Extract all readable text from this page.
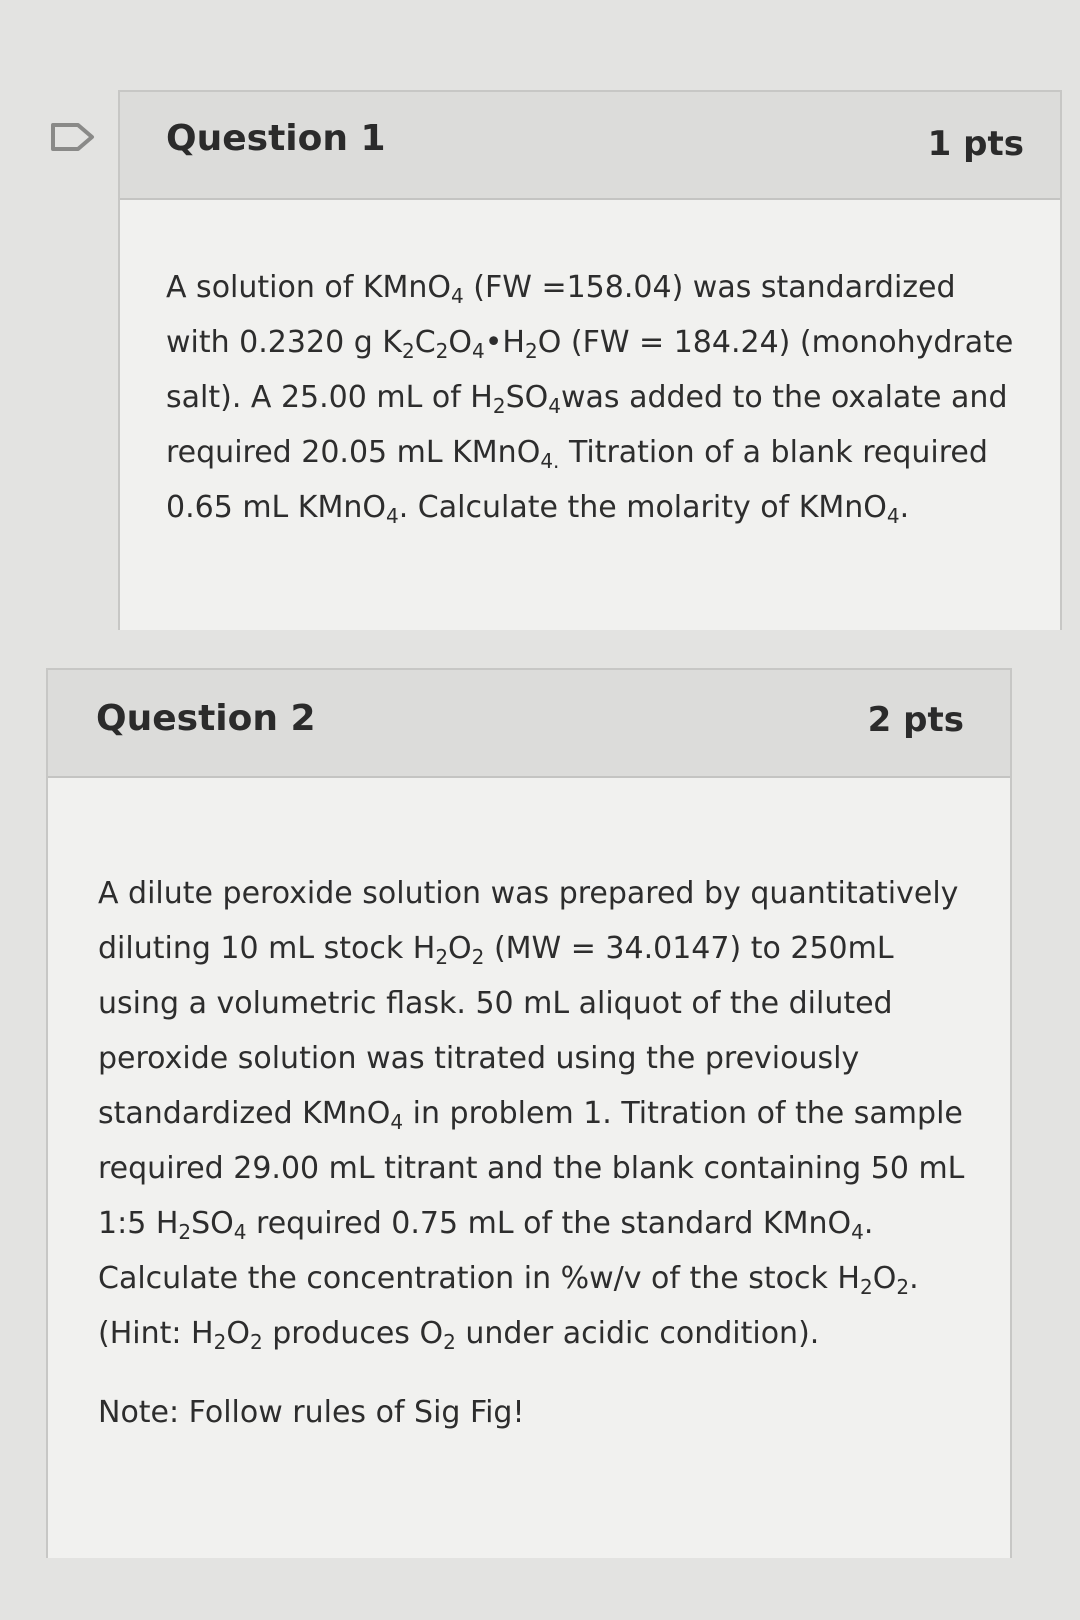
Question 1	1 pts

A solution of KMnO$_4$ (FW =158.04) was standardized with 0.2320 g $K_2C_2O_4•H_2O$ (FW = 184.24) (monohydrate salt). A 25.00 mL of $H_2SO_4was$ added to the oxalate and required 20.05 mL KMnO$_{4.}$ Titration of a blank required 0.65 mL KMnO$_4$. Calculate the molarity of KMnO$_4$.

Question 2	2 pts

A dilute peroxide solution was prepared by quantitatively diluting 10 mL stock $H_2O_2$ (MW = 34.0147) to 250mL using a volumetric flask. 50 mL aliquot of the diluted peroxide solution was titrated using the previously standardized KMnO$_4$ in problem 1. Titration of the sample required 29.00 mL titrant and the blank containing 50 mL 1:5 $H_2SO_4$ required 0.75 mL of the standard KMnO$_4$. Calculate the concentration in %w/v of the stock $H_2O_2$. (Hint: $H_2O_2$ produces $O_2$ under acidic condition).

Note: Follow rules of Sig Fig!
